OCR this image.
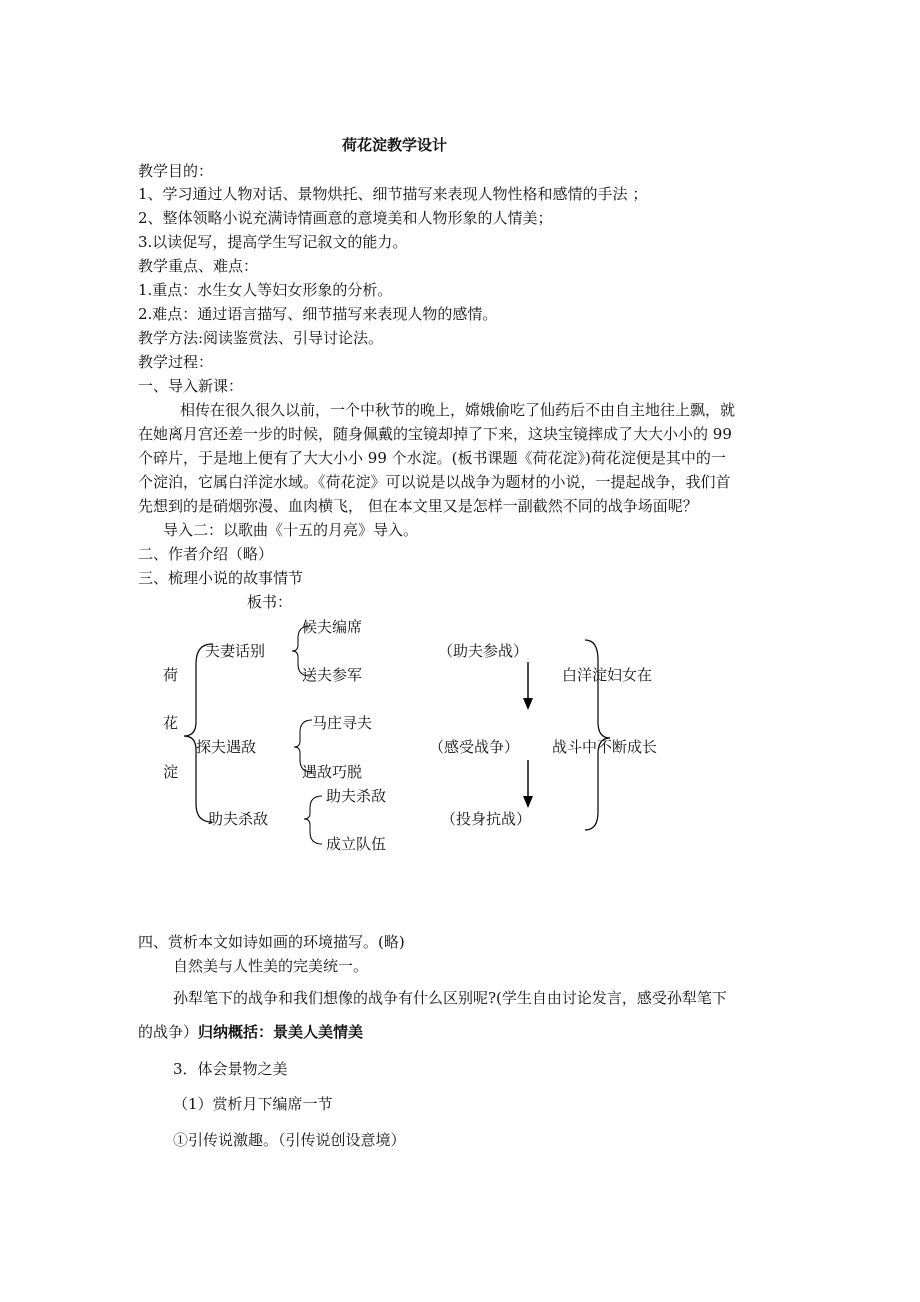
荷花淀教学设计
教学目的：
1、学习通过人物对话、景物烘托、细节描写来表现人物性格和感情的手法 ；
2、整体领略小说充满诗情画意的意境美和人物形象的人情美；
3.以读促写，提高学生写记叙文的能力。
教学重点、难点：
1.重点：水生女人等妇女形象的分析。
2.难点：通过语言描写、细节描写来表现人物的感情。
教学方法:阅读鉴赏法、引导讨论法。
教学过程：
一、导入新课：
相传在很久很久以前，一个中秋节的晚上，嫦娥偷吃了仙药后不由自主地往上飘，就
在她离月宫还差一步的时候，随身佩戴的宝镜却掉了下来，这块宝镜摔成了大大小小的 99
个碎片，于是地上便有了大大小小 99 个水淀。(板书课题《荷花淀》)荷花淀便是其中的一
个淀泊，它属白洋淀水域。《荷花淀》可以说是以战争为题材的小说，一提起战争，我们首
先想到的是硝烟弥漫、血肉横飞， 但在本文里又是怎样一副截然不同的战争场面呢？
导入二：以歌曲《十五的月亮》导入。
二、作者介绍（略）
三、梳理小说的故事情节
板书：
荷
花
淀
夫妻话别
候夫编席
送夫参军
（助夫参战）
探夫遇敌
马庄寻夫
遇敌巧脱
（感受战争）
助夫杀敌
助夫杀敌
成立队伍
（投身抗战）
白洋淀妇女在
战斗中不断成长
四、赏析本文如诗如画的环境描写。(略)
自然美与人性美的完美统一。
孙犁笔下的战争和我们想像的战争有什么区别呢?(学生自由讨论发言，感受孙犁笔下
的战争）归纳概括：景美人美情美
3．体会景物之美
（1）赏析月下编席一节
①引传说激趣。（引传说创设意境）
